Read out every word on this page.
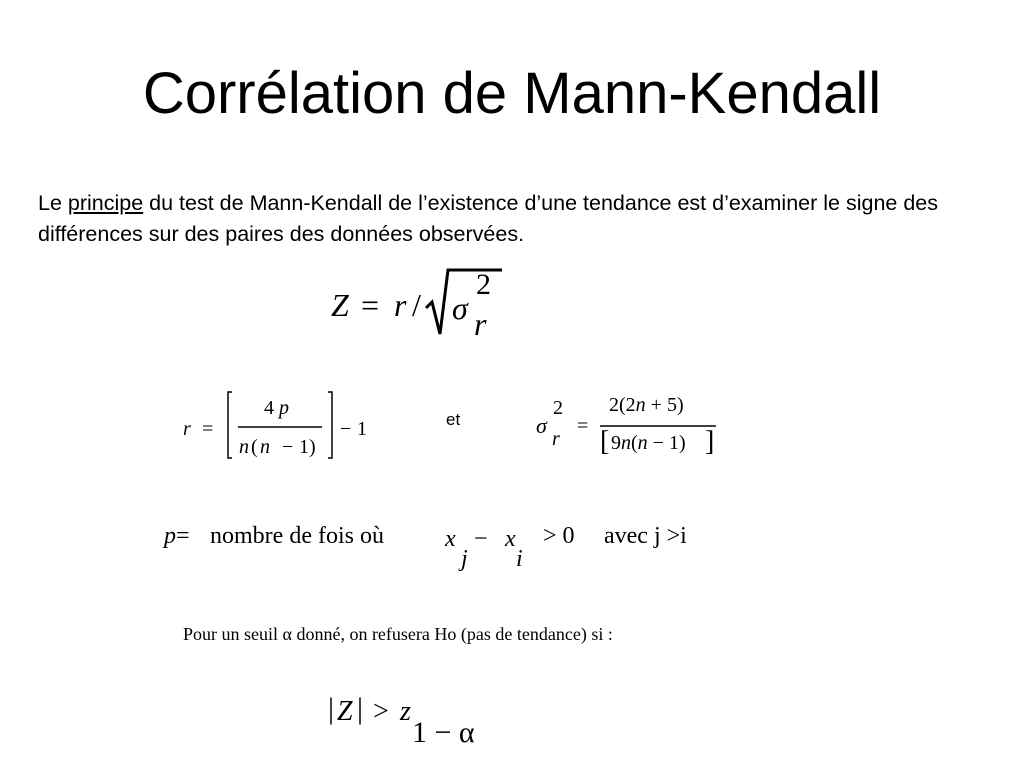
Corrélation de Mann-Kendall
Le principe du test de Mann-Kendall de l’existence d’une tendance est d’examiner le signe des différences sur des paires des données observées.
Z = r / σ
2
r
r =
4 p
n ( n − 1 )
− 1	et	σ
2
r
=
2(2n + 5)
[ 9n(n − 1) ]
p = nombre de fois où	x
j
− x
i
> 0 avec j >i
Pour un seuil α donné, on refusera Ho (pas de tendance) si :
| Z | > z
1 − α
